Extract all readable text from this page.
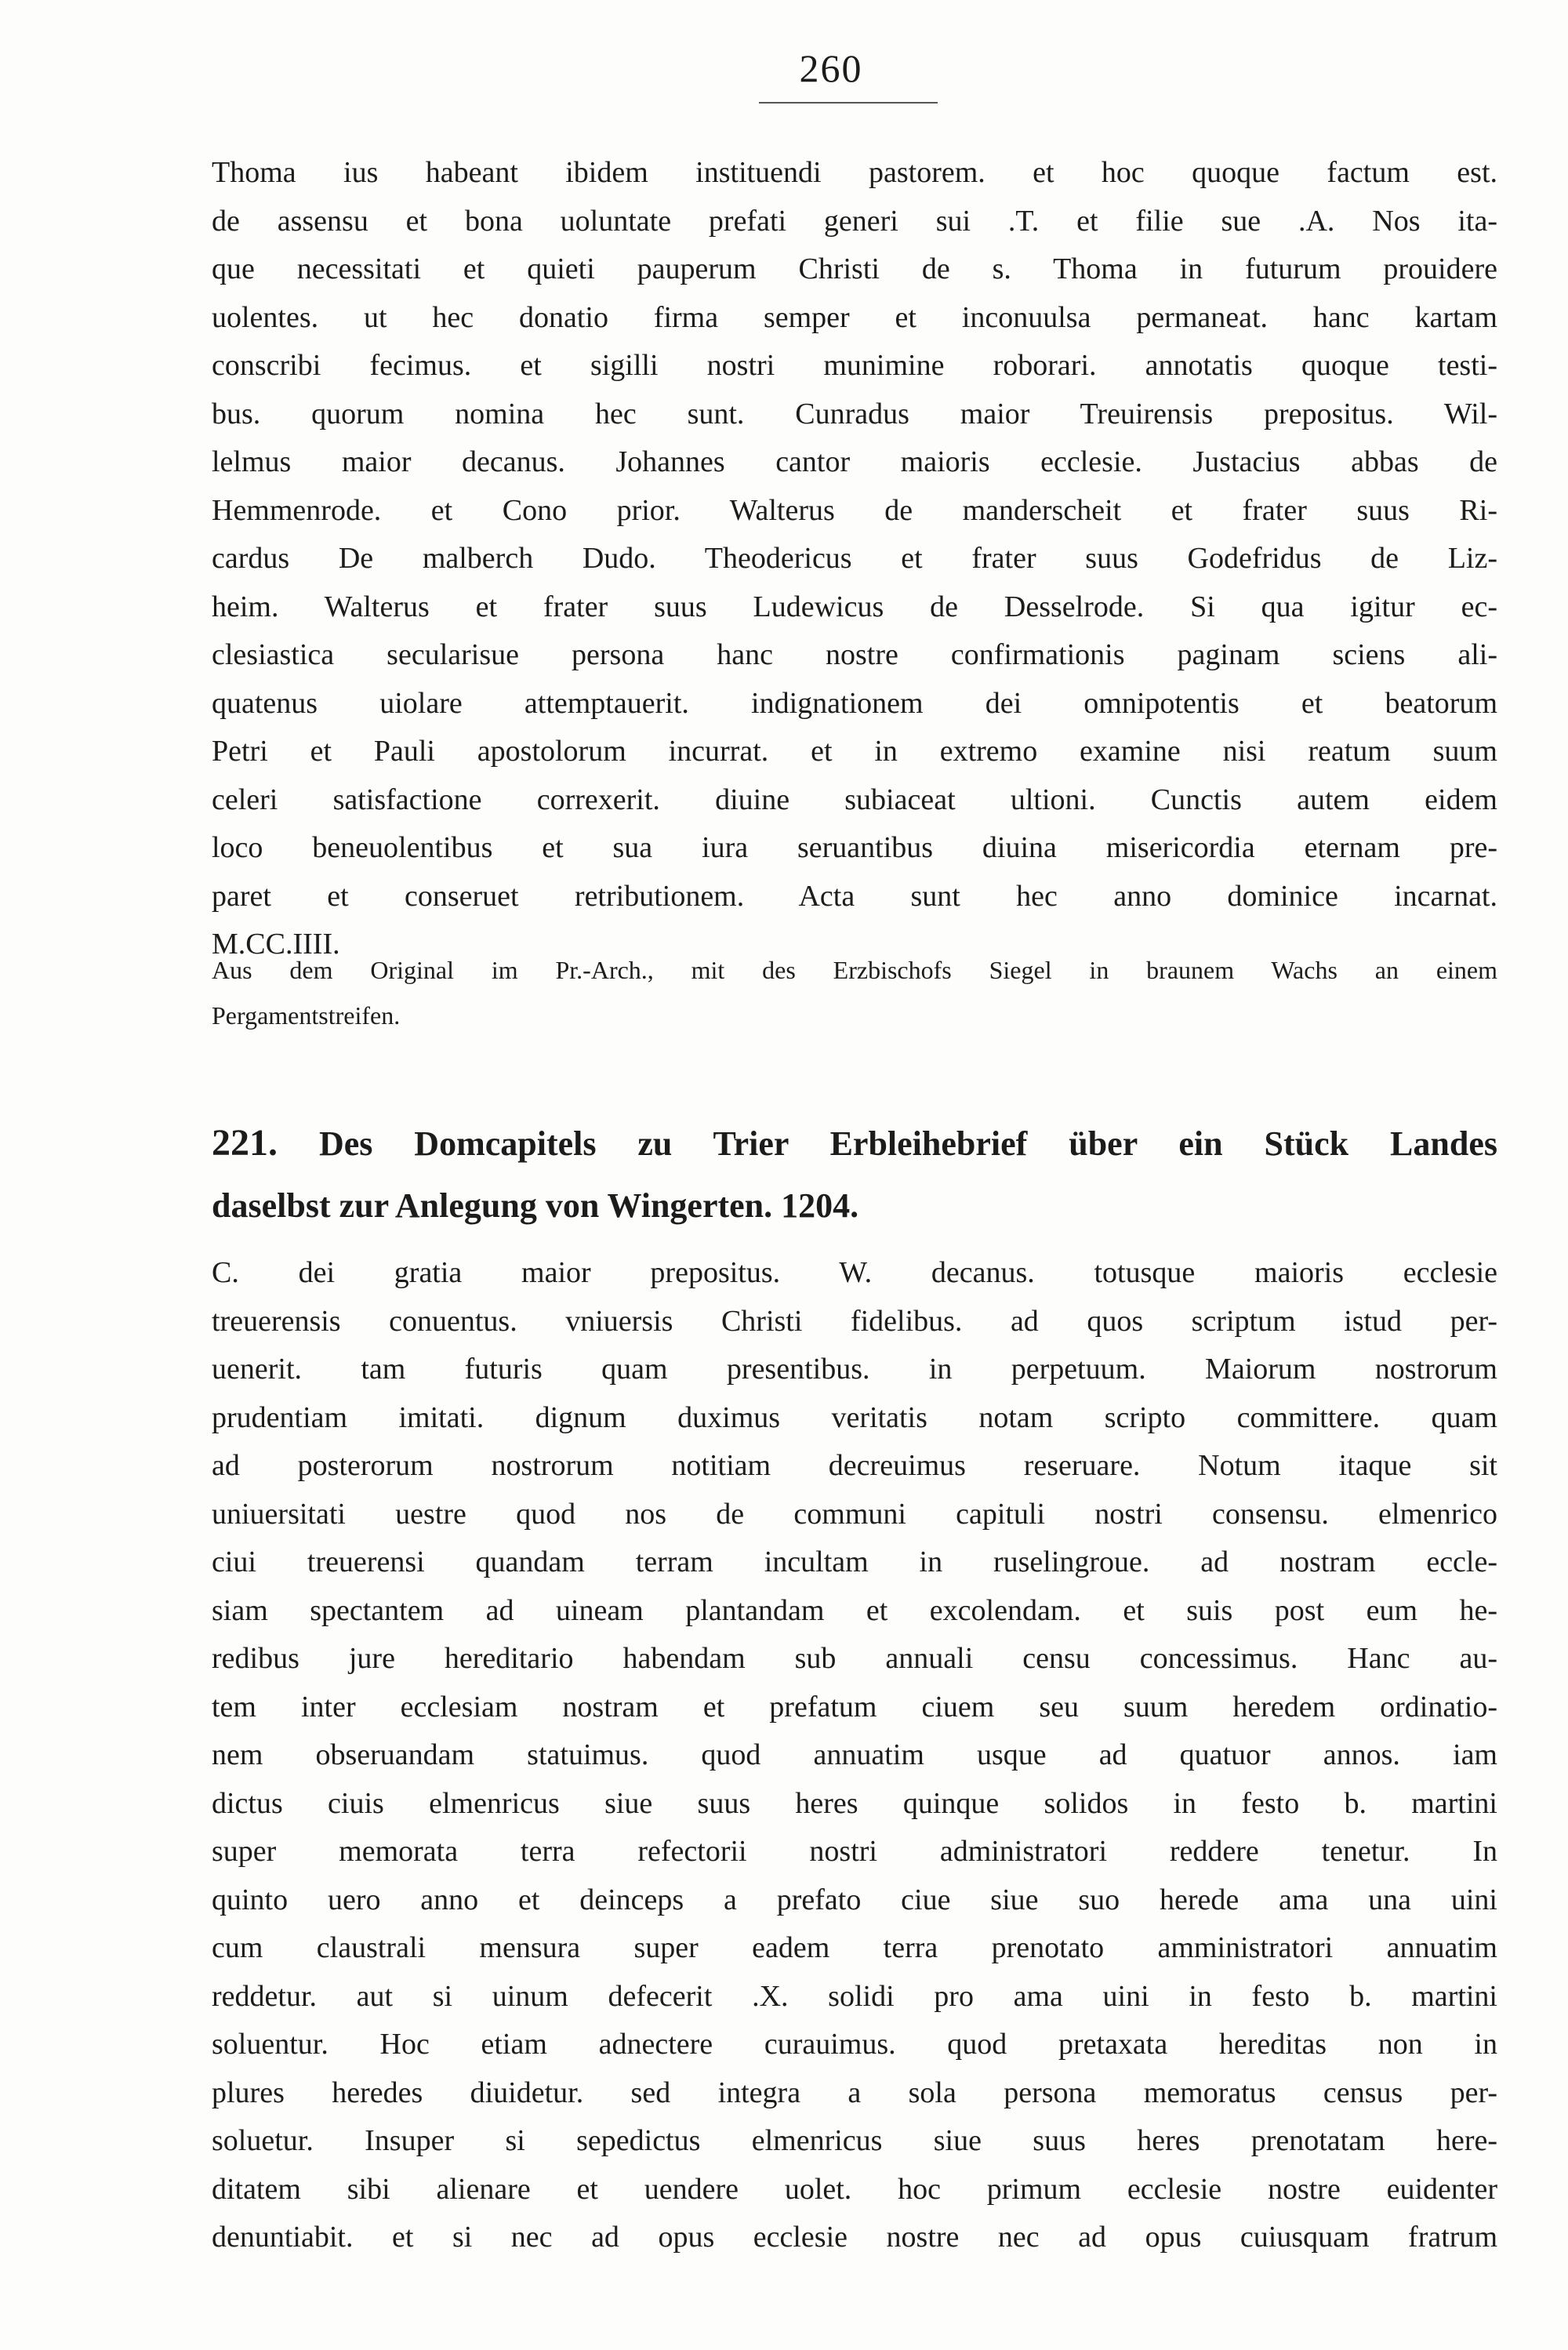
260
Thoma ius habeant ibidem instituendi pastorem. et hoc quoque factum est.
de assensu et bona uoluntate prefati generi sui .T. et filie sue .A. Nos ita-
que necessitati et quieti pauperum Christi de s. Thoma in futurum prouidere
uolentes. ut hec donatio firma semper et inconuulsa permaneat. hanc kartam
conscribi fecimus. et sigilli nostri munimine roborari. annotatis quoque testi-
bus. quorum nomina hec sunt. Cunradus maior Treuirensis prepositus. Wil-
lelmus maior decanus. Johannes cantor maioris ecclesie. Justacius abbas de
Hemmenrode. et Cono prior. Walterus de manderscheit et frater suus Ri-
cardus De malberch Dudo. Theodericus et frater suus Godefridus de Liz-
heim. Walterus et frater suus Ludewicus de Desselrode. Si qua igitur ec-
clesiastica secularisue persona hanc nostre confirmationis paginam sciens ali-
quatenus uiolare attemptauerit. indignationem dei omnipotentis et beatorum
Petri et Pauli apostolorum incurrat. et in extremo examine nisi reatum suum
celeri satisfactione correxerit. diuine subiaceat ultioni. Cunctis autem eidem
loco beneuolentibus et sua iura seruantibus diuina misericordia eternam pre-
paret et conseruet retributionem. Acta sunt hec anno dominice incarnat.
M.CC.IIII.
Aus dem Original im Pr.-Arch., mit des Erzbischofs Siegel in braunem Wachs an einem
Pergamentstreifen.
221. Des Domcapitels zu Trier Erbleihebrief über ein Stück Landes
daselbst zur Anlegung von Wingerten. 1204.
C. dei gratia maior prepositus. W. decanus. totusque maioris ecclesie
treuerensis conuentus. vniuersis Christi fidelibus. ad quos scriptum istud per-
uenerit. tam futuris quam presentibus. in perpetuum. Maiorum nostrorum
prudentiam imitati. dignum duximus veritatis notam scripto committere. quam
ad posterorum nostrorum notitiam decreuimus reseruare. Notum itaque sit
uniuersitati uestre quod nos de communi capituli nostri consensu. elmenrico
ciui treuerensi quandam terram incultam in ruselingroue. ad nostram eccle-
siam spectantem ad uineam plantandam et excolendam. et suis post eum he-
redibus jure hereditario habendam sub annuali censu concessimus. Hanc au-
tem inter ecclesiam nostram et prefatum ciuem seu suum heredem ordinatio-
nem obseruandam statuimus. quod annuatim usque ad quatuor annos. iam
dictus ciuis elmenricus siue suus heres quinque solidos in festo b. martini
super memorata terra refectorii nostri administratori reddere tenetur. In
quinto uero anno et deinceps a prefato ciue siue suo herede ama una uini
cum claustrali mensura super eadem terra prenotato amministratori annuatim
reddetur. aut si uinum defecerit .X. solidi pro ama uini in festo b. martini
soluentur. Hoc etiam adnectere curauimus. quod pretaxata hereditas non in
plures heredes diuidetur. sed integra a sola persona memoratus census per-
soluetur. Insuper si sepedictus elmenricus siue suus heres prenotatam here-
ditatem sibi alienare et uendere uolet. hoc primum ecclesie nostre euidenter
denuntiabit. et si nec ad opus ecclesie nostre nec ad opus cuiusquam fratrum
